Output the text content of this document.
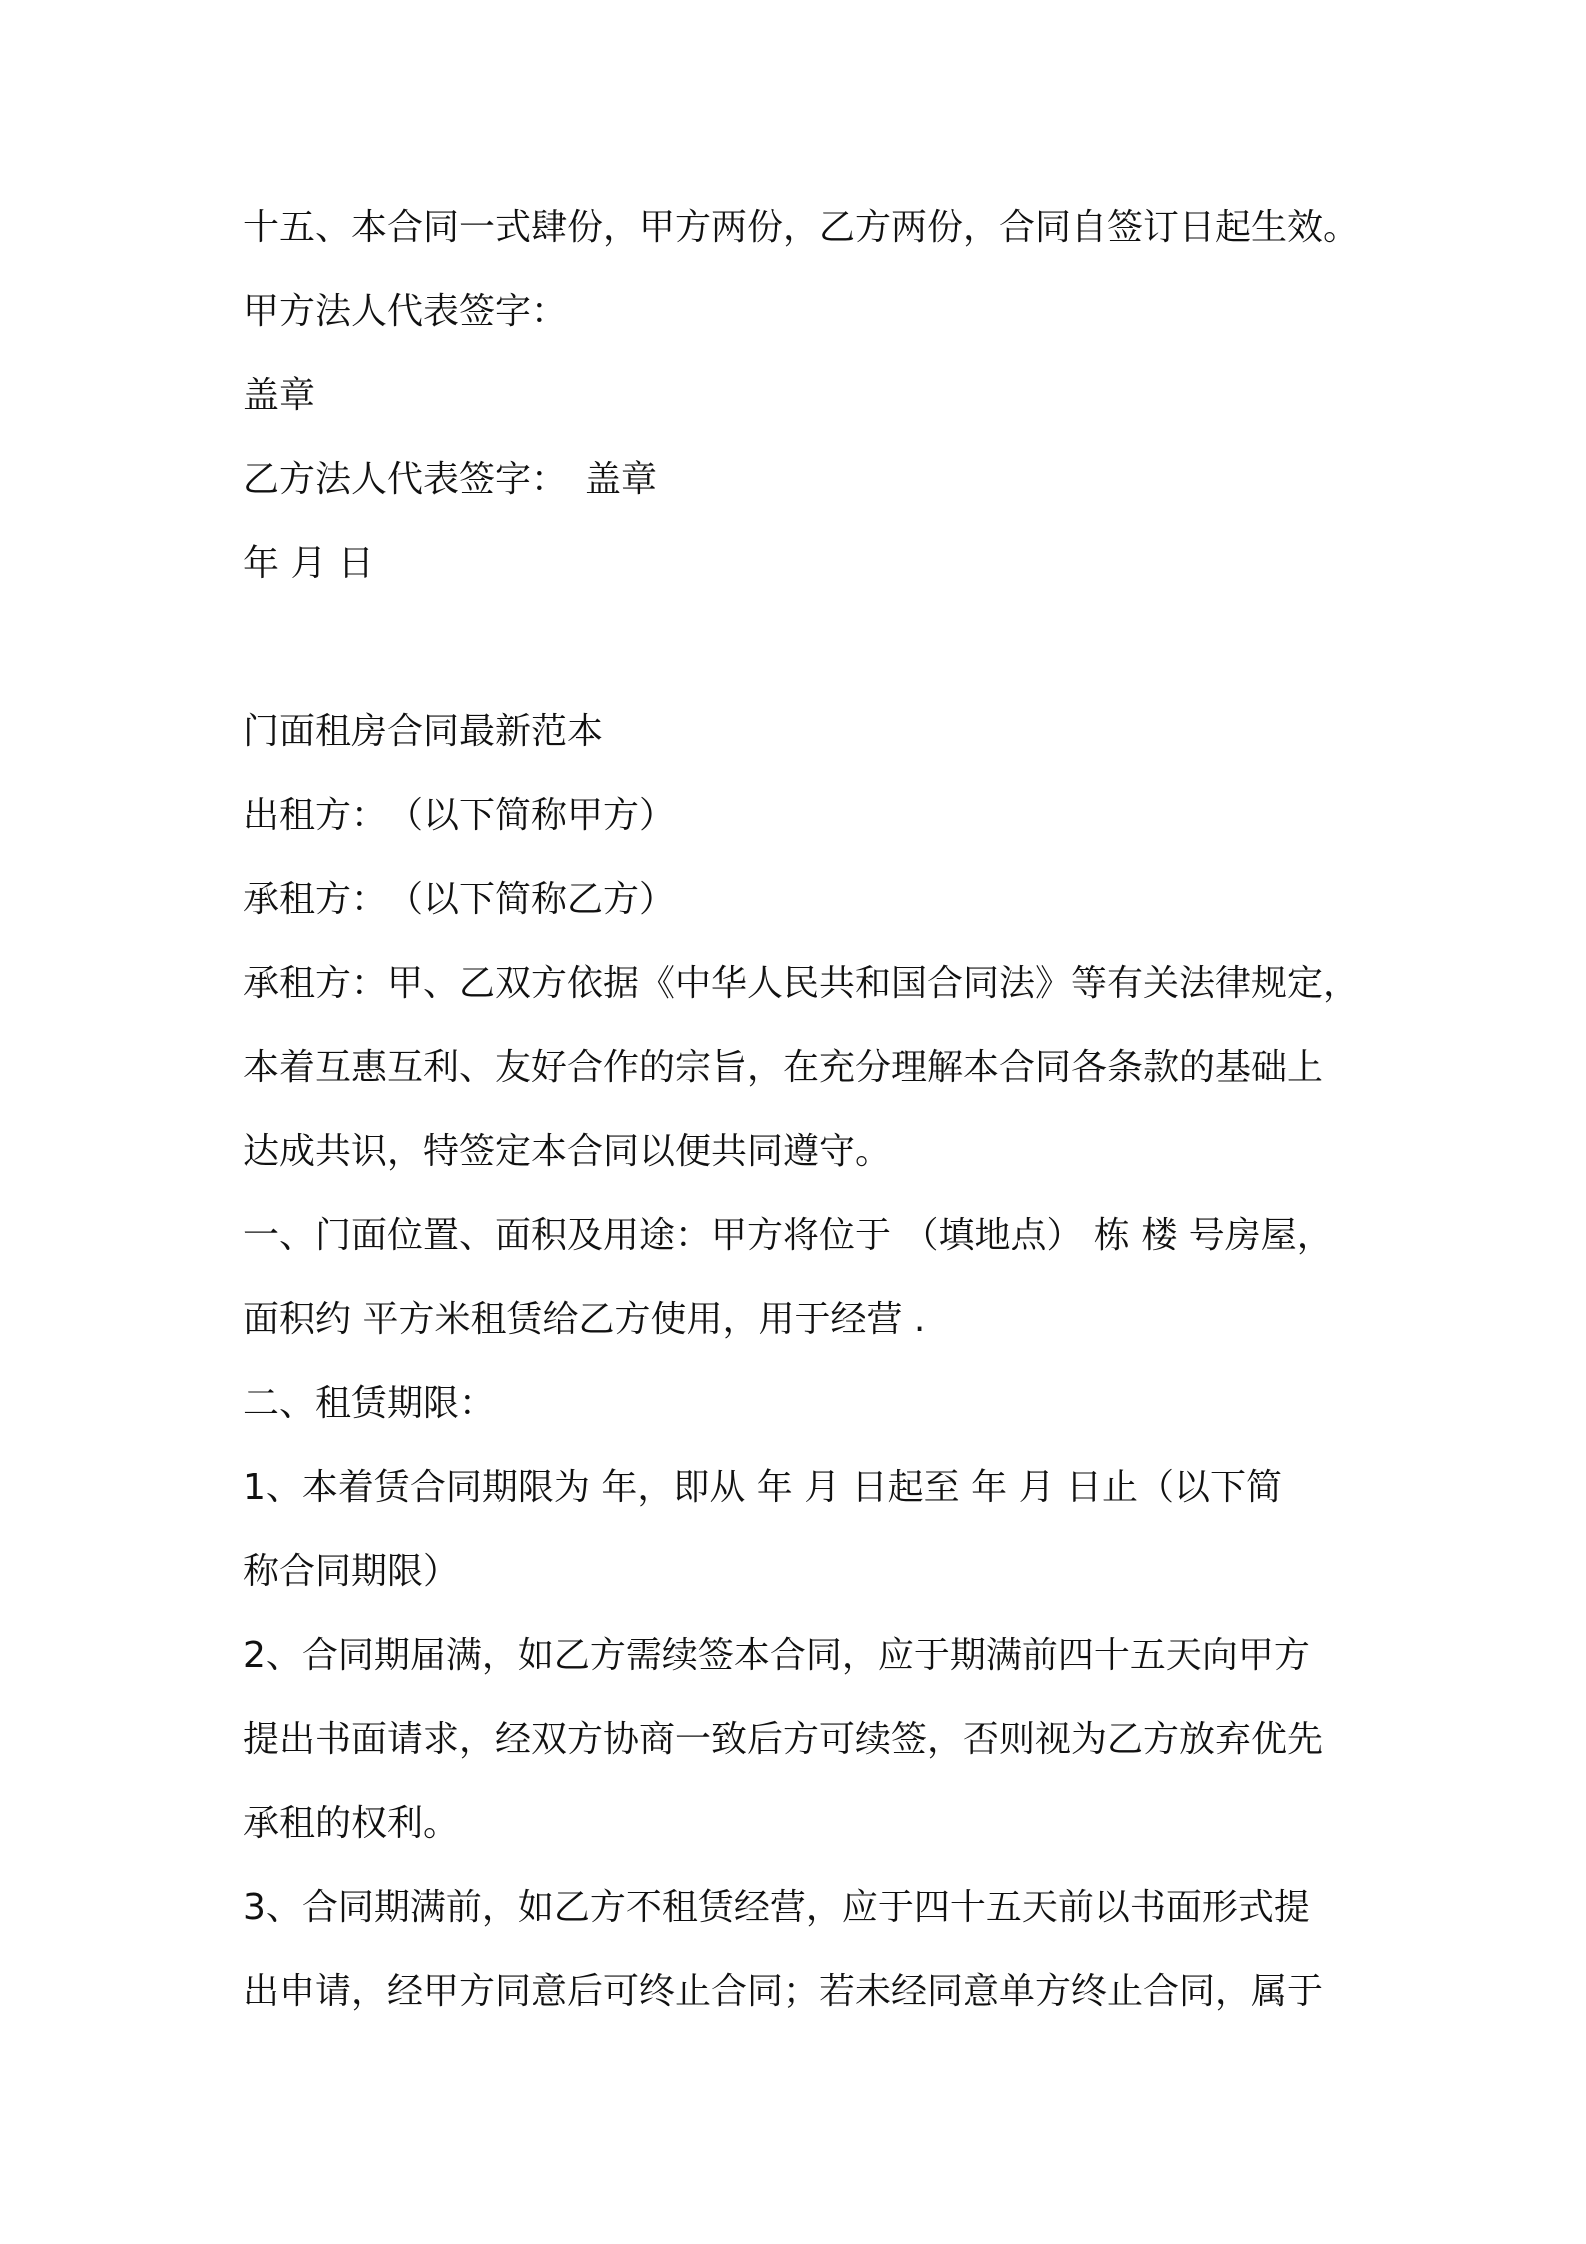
十五、本合同一式肆份，甲方两份，乙方两份，合同自签订日起生效。
甲方法人代表签字：
盖章
乙方法人代表签字：　盖章
年 月 日
门面租房合同最新范本
出租方：　（以下简称甲方）
承租方：　（以下简称乙方）
承租方：甲、乙双方依据《中华人民共和国合同法》等有关法律规定，
本着互惠互利、友好合作的宗旨，在充分理解本合同各条款的基础上
达成共识，特签定本合同以便共同遵守。
一、门面位置、面积及用途：甲方将位于 （填地点） 栋 楼 号房屋，
面积约 平方米租赁给乙方使用，用于经营 .
二、租赁期限：
1、本着赁合同期限为 年，即从 年 月 日起至 年 月 日止（以下简
称合同期限）
2、合同期届满，如乙方需续签本合同，应于期满前四十五天向甲方
提出书面请求，经双方协商一致后方可续签，否则视为乙方放弃优先
承租的权利。
3、合同期满前，如乙方不租赁经营，应于四十五天前以书面形式提
出申请，经甲方同意后可终止合同；若未经同意单方终止合同，属于
